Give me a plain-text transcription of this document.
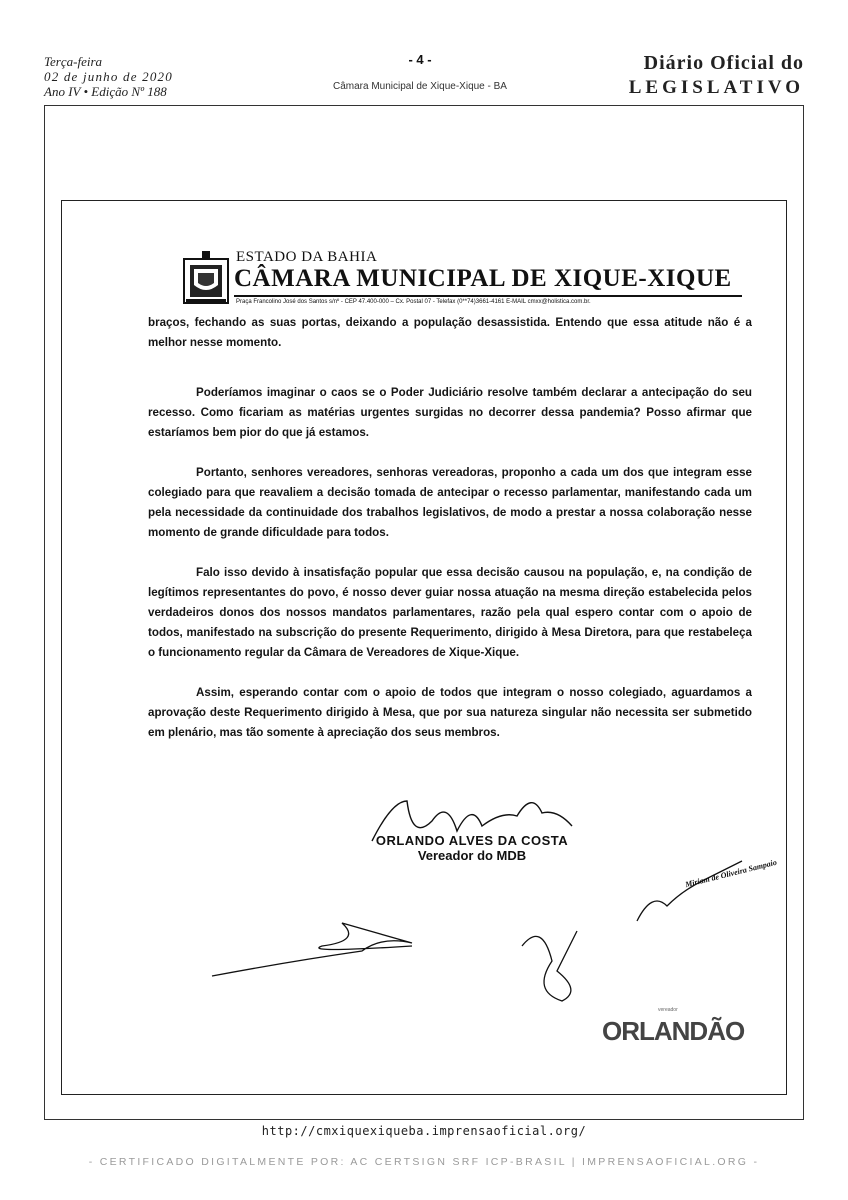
Terça-feira
02 de junho de 2020
Ano IV • Edição Nº 188
- 4 -
Câmara Municipal de Xique-Xique - BA
Diário Oficial do
LEGISLATIVO
ESTADO DA BAHIA
CÂMARA MUNICIPAL DE XIQUE-XIQUE
Praça Francolino José dos Santos s/nº - CEP 47.400-000 – Cx. Postal 07 - Telefax (0**74)3661-4161 E-MAIL cmxx@holistica.com.br.

braços, fechando as suas portas, deixando a população desassistida. Entendo que essa atitude não é a melhor nesse momento.

Poderíamos imaginar o caos se o Poder Judiciário resolve também declarar a antecipação do seu recesso. Como ficariam as matérias urgentes surgidas no decorrer dessa pandemia? Posso afirmar que estaríamos bem pior do que já estamos.

Portanto, senhores vereadores, senhoras vereadoras, proponho a cada um dos que integram esse colegiado para que reavaliem a decisão tomada de antecipar o recesso parlamentar, manifestando cada um pela necessidade da continuidade dos trabalhos legislativos, de modo a prestar a nossa colaboração nesse momento de grande dificuldade para todos.

Falo isso devido à insatisfação popular que essa decisão causou na população, e, na condição de legítimos representantes do povo, é nosso dever guiar nossa atuação na mesma direção estabelecida pelos verdadeiros donos dos nossos mandatos parlamentares, razão pela qual espero contar com o apoio de todos, manifestado na subscrição do presente Requerimento, dirigido à Mesa Diretora, para que restabeleça o funcionamento regular da Câmara de Vereadores de Xique-Xique.

Assim, esperando contar com o apoio de todos que integram o nosso colegiado, aguardamos a aprovação deste Requerimento dirigido à Mesa, que por sua natureza singular não necessita ser submetido em plenário, mas tão somente à apreciação dos seus membros.

ORLANDO ALVES DA COSTA
Vereador do MDB
Miriam de Oliveira Sampaio
vereador
ORLANDÃO
http://cmxiquexiqueba.imprensaoficial.org/
- CERTIFICADO DIGITALMENTE POR: AC CERTSIGN SRF ICP-BRASIL | IMPRENSAOFICIAL.ORG -
